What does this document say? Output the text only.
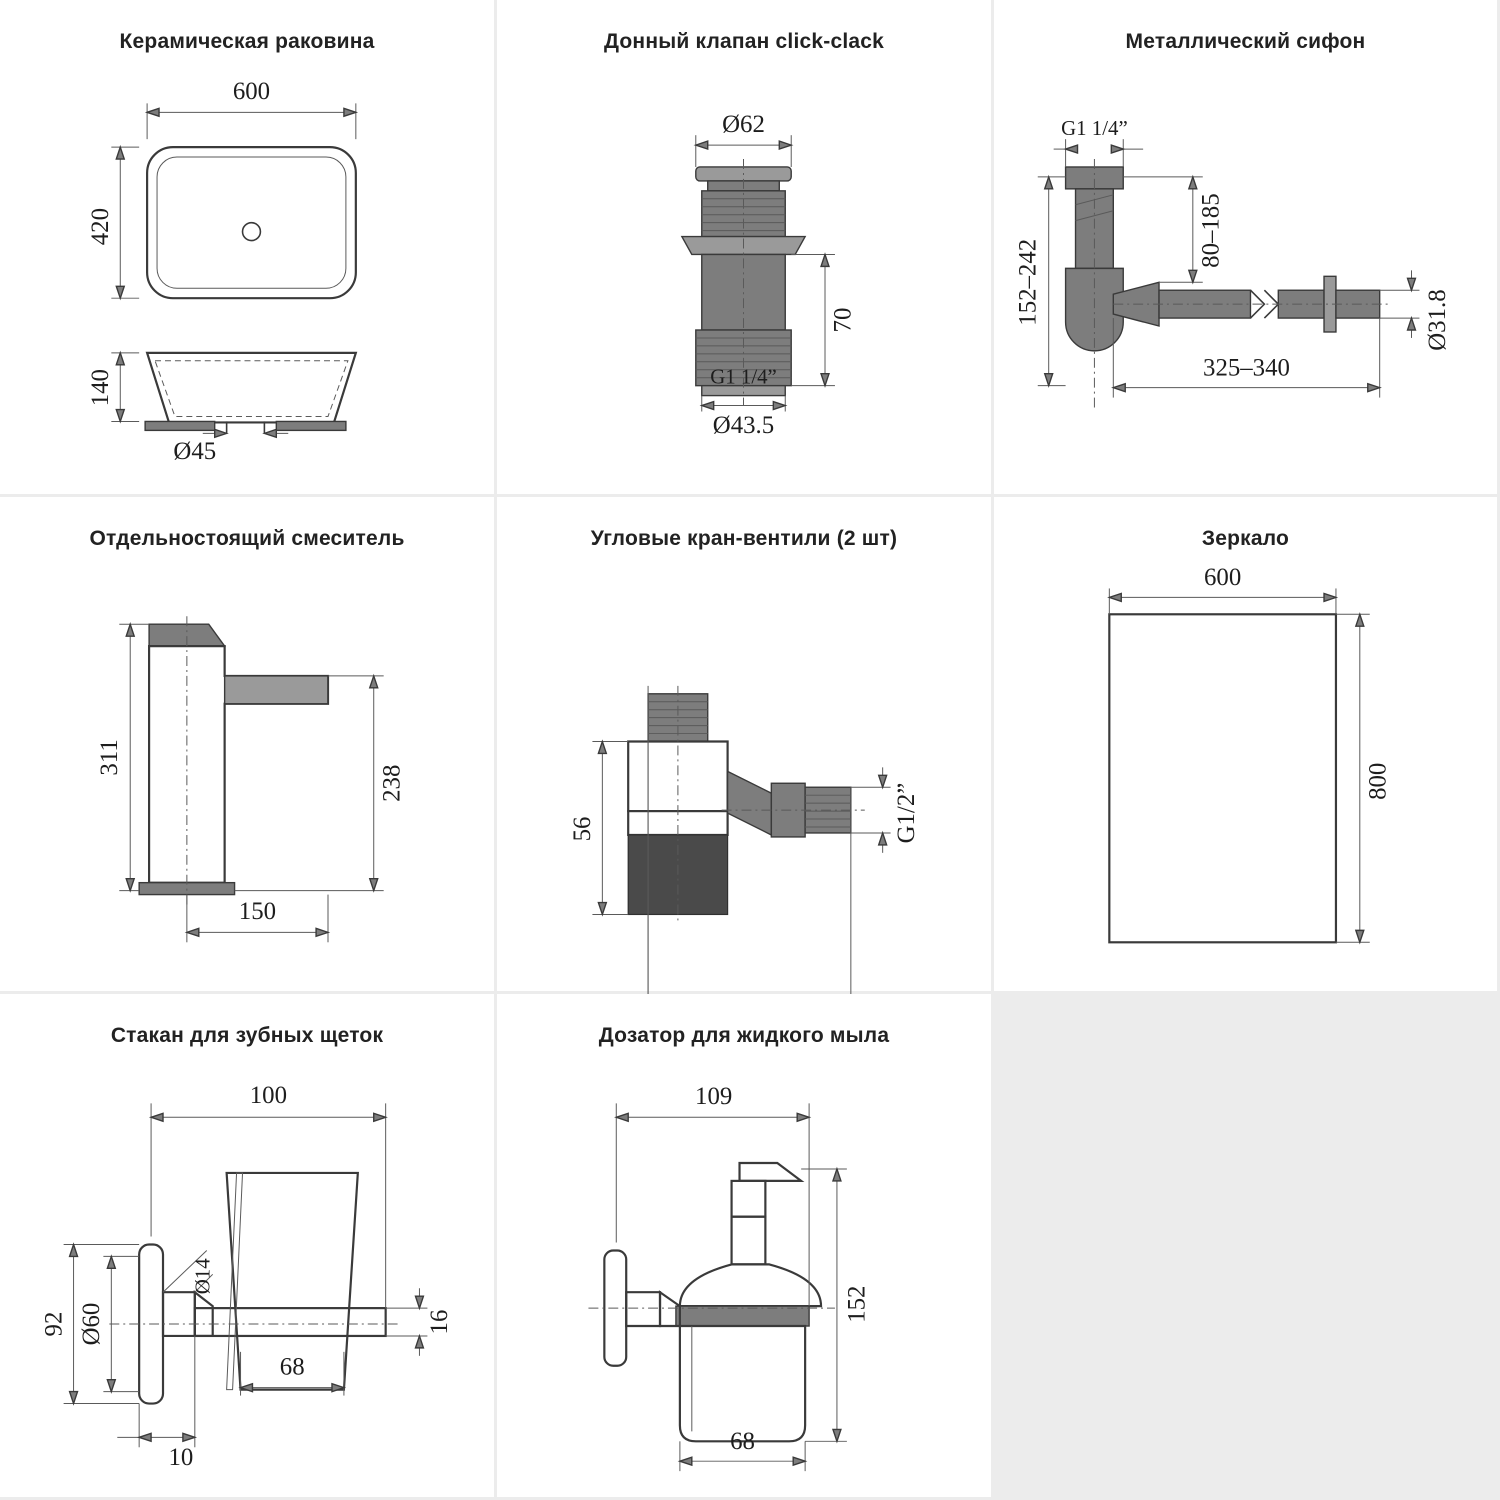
Керамическая раковина
600
420
140
Ø45
Донный клапан click-clack
Ø62
70
G1 1/4”
Ø43.5
Металлический сифон
G1 1/4”
80–185
152–242	Ø31.8
325–340
Отдельностоящий смеситель
311
238
150
Угловые кран-вентили (2 шт)
G1/2”
56
Зеркало
600
800
Стакан для зубных щеток
100
Ø14
92 Ø60	16
68
10
Дозатор для жидкого мыла
109
152
68
